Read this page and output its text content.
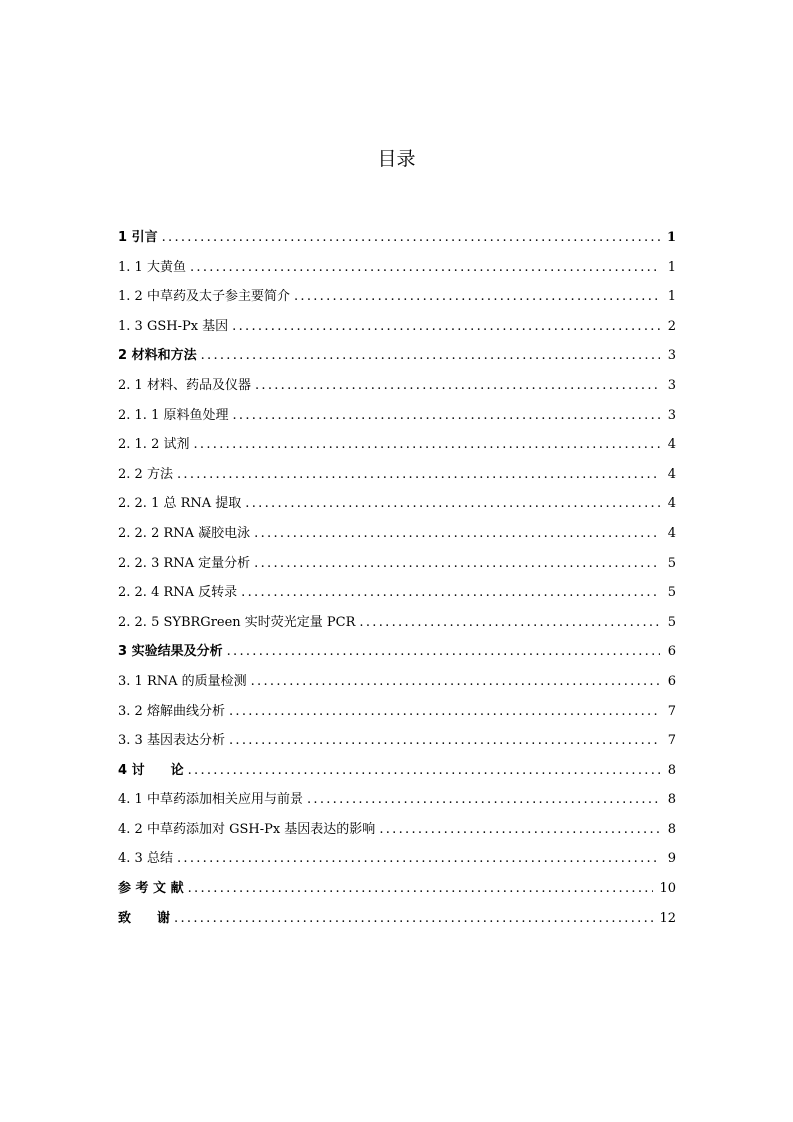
目录
1 引言 .....	1
1. 1 大黄鱼 .....	1
1. 2 中草药及太子参主要简介 .....	1
1. 3 GSH-Px 基因 .....	2
2 材料和方法 .....	3
2. 1 材料、药品及仪器 .....	3
2. 1. 1 原料鱼处理 .....	3
2. 1. 2 试剂 .....	4
2. 2 方法 .....	4
2. 2. 1 总 RNA 提取 .....	4
2. 2. 2 RNA 凝胶电泳 .....	4
2. 2. 3 RNA 定量分析 .....	5
2. 2. 4 RNA 反转录 .....	5
2. 2. 5 SYBRGreen 实时荧光定量 PCR .....	5
3 实验结果及分析 .....	6
3. 1 RNA 的质量检测 .....	6
3. 2 熔解曲线分析 .....	7
3. 3 基因表达分析 .....	7
4 讨　　论 .....	8
4. 1 中草药添加相关应用与前景 .....	8
4. 2 中草药添加对 GSH-Px 基因表达的影响 .....	8
4. 3 总结 .....	9
参 考 文 献 .....	10
致　　谢 .....	12
